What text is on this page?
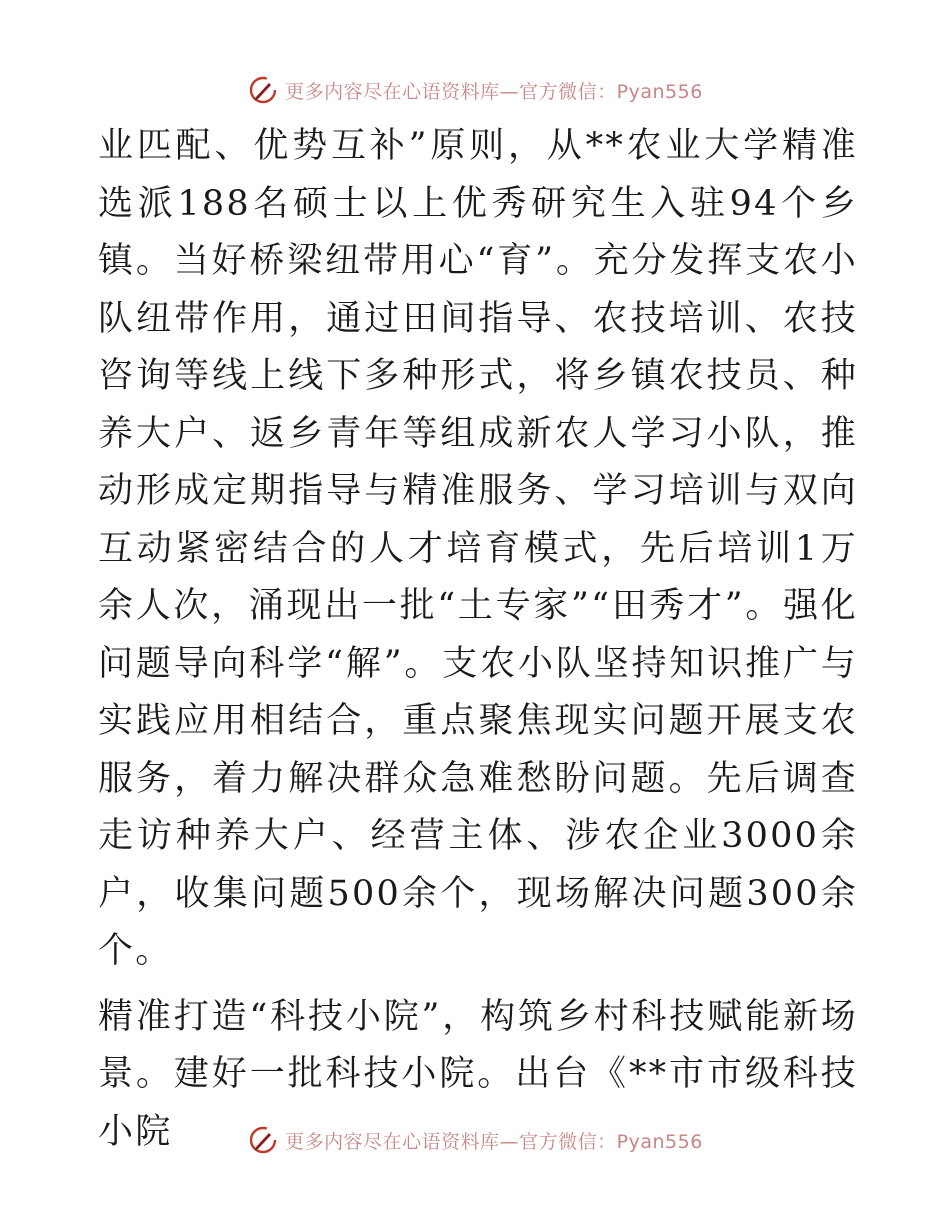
更多内容尽在心语资料库—官方微信：Pyan556

业匹配、优势互补”原则，从**农业大学精准选派188名硕士以上优秀研究生入驻94个乡镇。当好桥梁纽带用心“育”。充分发挥支农小队纽带作用，通过田间指导、农技培训、农技咨询等线上线下多种形式，将乡镇农技员、种养大户、返乡青年等组成新农人学习小队，推动形成定期指导与精准服务、学习培训与双向互动紧密结合的人才培育模式，先后培训1万余人次，涌现出一批“土专家”“田秀才”。强化问题导向科学“解”。支农小队坚持知识推广与实践应用相结合，重点聚焦现实问题开展支农服务，着力解决群众急难愁盼问题。先后调查走访种养大户、经营主体、涉农企业3000余户，收集问题500余个，现场解决问题300余个。

精准打造“科技小院”，构筑乡村科技赋能新场景。建好一批科技小院。出台《**市市级科技小院	更多内容尽在心语资料库—官方微信：Pyan556
